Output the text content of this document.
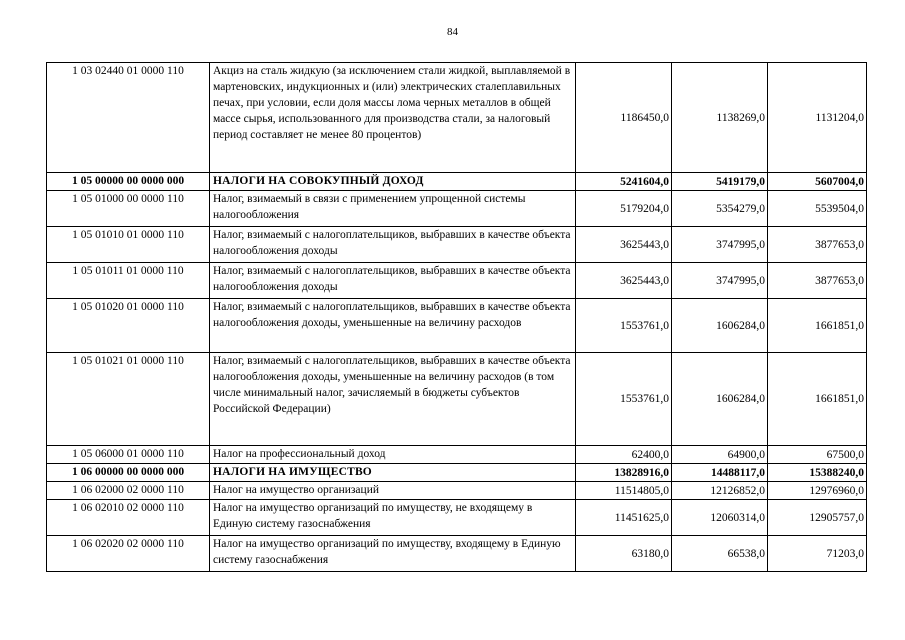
84
1 03 02440 01 0000 110	Акциз на сталь жидкую (за исключением стали жидкой, выплавляемой в мартеновских, индукционных и (или) электрических сталеплавильных печах, при условии, если доля массы лома черных металлов в общей массе сырья, использованного для производства стали, за налоговый период составляет не менее 80 процентов)	1186450,0	1138269,0	1131204,0
1 05 00000 00 0000 000	НАЛОГИ НА СОВОКУПНЫЙ ДОХОД	5241604,0	5419179,0	5607004,0
1 05 01000 00 0000 110	Налог, взимаемый в связи с применением упрощенной системы налогообложения	5179204,0	5354279,0	5539504,0
1 05 01010 01 0000 110	Налог, взимаемый с налогоплательщиков, выбравших в качестве объекта налогообложения доходы	3625443,0	3747995,0	3877653,0
1 05 01011 01 0000 110	Налог, взимаемый с налогоплательщиков, выбравших в качестве объекта налогообложения доходы	3625443,0	3747995,0	3877653,0
1 05 01020 01 0000 110	Налог, взимаемый с налогоплательщиков, выбравших в качестве объекта налогообложения доходы, уменьшенные на величину расходов	1553761,0	1606284,0	1661851,0
1 05 01021 01 0000 110	Налог, взимаемый с налогоплательщиков, выбравших в качестве объекта налогообложения доходы, уменьшенные на величину расходов (в том числе минимальный налог, зачисляемый в бюджеты субъектов Российской Федерации)	1553761,0	1606284,0	1661851,0
1 05 06000 01 0000 110	Налог на профессиональный доход	62400,0	64900,0	67500,0
1 06 00000 00 0000 000	НАЛОГИ НА ИМУЩЕСТВО	13828916,0	14488117,0	15388240,0
1 06 02000 02 0000 110	Налог на имущество организаций	11514805,0	12126852,0	12976960,0
1 06 02010 02 0000 110	Налог на имущество организаций по имуществу, не входящему в Единую систему газоснабжения	11451625,0	12060314,0	12905757,0
1 06 02020 02 0000 110	Налог на имущество организаций по имуществу, входящему в Единую систему газоснабжения	63180,0	66538,0	71203,0
